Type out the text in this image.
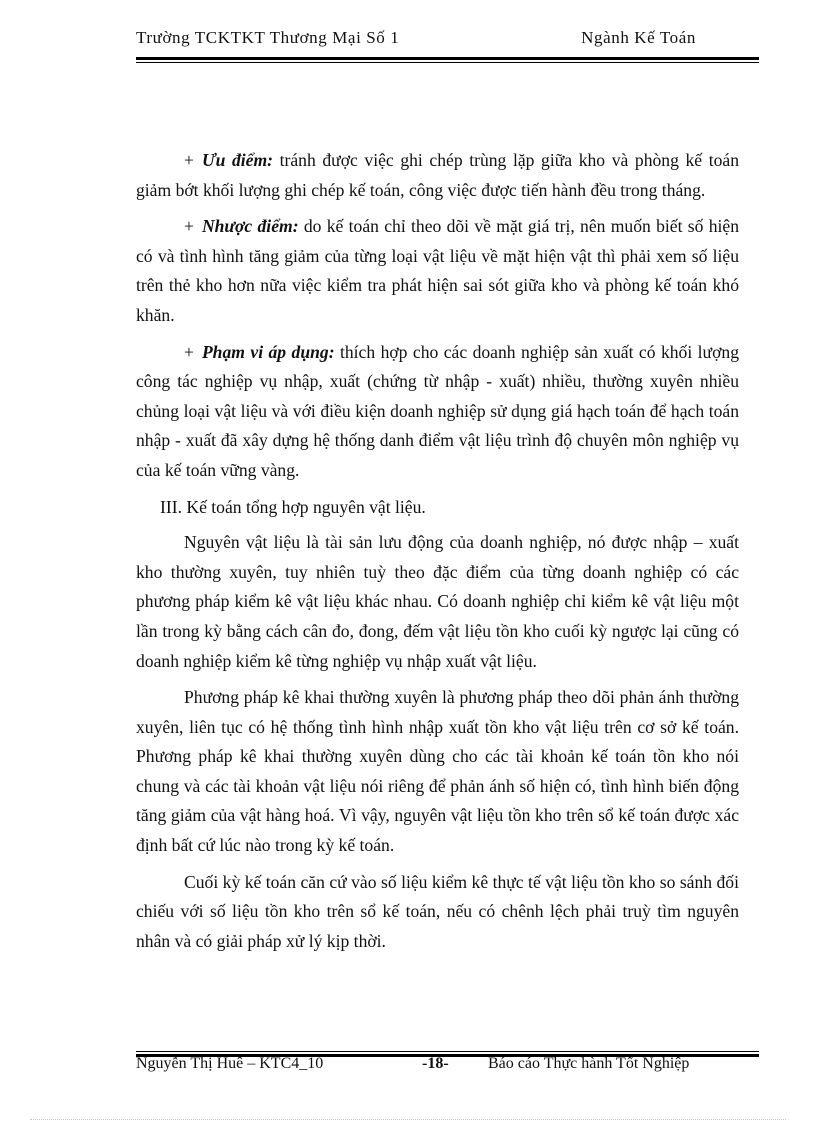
Trường TCKTKT Thương Mại Số 1	Ngành Kế Toán

+ Ưu điểm: tránh được việc ghi chép trùng lặp giữa kho và phòng kế toán giảm bớt khối lượng ghi chép kế toán, công việc được tiến hành đều trong tháng.

+ Nhược điểm: do kế toán chỉ theo dõi về mặt giá trị, nên muốn biết số hiện có và tình hình tăng giảm của từng loại vật liệu về mặt hiện vật thì phải xem số liệu trên thẻ kho hơn nữa việc kiểm tra phát hiện sai sót giữa kho và phòng kế toán khó khăn.

+ Phạm vi áp dụng: thích hợp cho các doanh nghiệp sản xuất có khối lượng công tác nghiệp vụ nhập, xuất (chứng từ nhập - xuất) nhiều, thường xuyên nhiều chủng loại vật liệu và với điều kiện doanh nghiệp sử dụng giá hạch toán để hạch toán nhập - xuất đã xây dựng hệ thống danh điểm vật liệu trình độ chuyên môn nghiệp vụ của kế toán vững vàng.

III. Kế toán tổng hợp nguyên vật liệu.

Nguyên vật liệu là tài sản lưu động của doanh nghiệp, nó được nhập – xuất kho thường xuyên, tuy nhiên tuỳ theo đặc điểm của từng doanh nghiệp có các phương pháp kiểm kê vật liệu khác nhau. Có doanh nghiệp chỉ kiểm kê vật liệu một lần trong kỳ bằng cách cân đo, đong, đếm vật liệu tồn kho cuối kỳ ngược lại cũng có doanh nghiệp kiểm kê từng nghiệp vụ nhập xuất vật liệu.

Phương pháp kê khai thường xuyên là phương pháp theo dõi phản ánh thường xuyên, liên tục có hệ thống tình hình nhập xuất tồn kho vật liệu trên cơ sở kế toán. Phương pháp kê khai thường xuyên dùng cho các tài khoản kế toán tồn kho nói chung và các tài khoản vật liệu nói riêng để phản ánh số hiện có, tình hình biến động tăng giảm của vật hàng hoá. Vì vậy, nguyên vật liệu tồn kho trên sổ kế toán được xác định bất cứ lúc nào trong kỳ kế toán.

Cuối kỳ kế toán căn cứ vào số liệu kiểm kê thực tế vật liệu tồn kho so sánh đối chiếu với số liệu tồn kho trên sổ kế toán, nếu có chênh lệch phải truỳ tìm nguyên nhân và có giải pháp xử lý kịp thời.

Nguyễn Thị Huê – KTC4_10	-18- Báo cáo Thực hành Tốt Nghiệp
